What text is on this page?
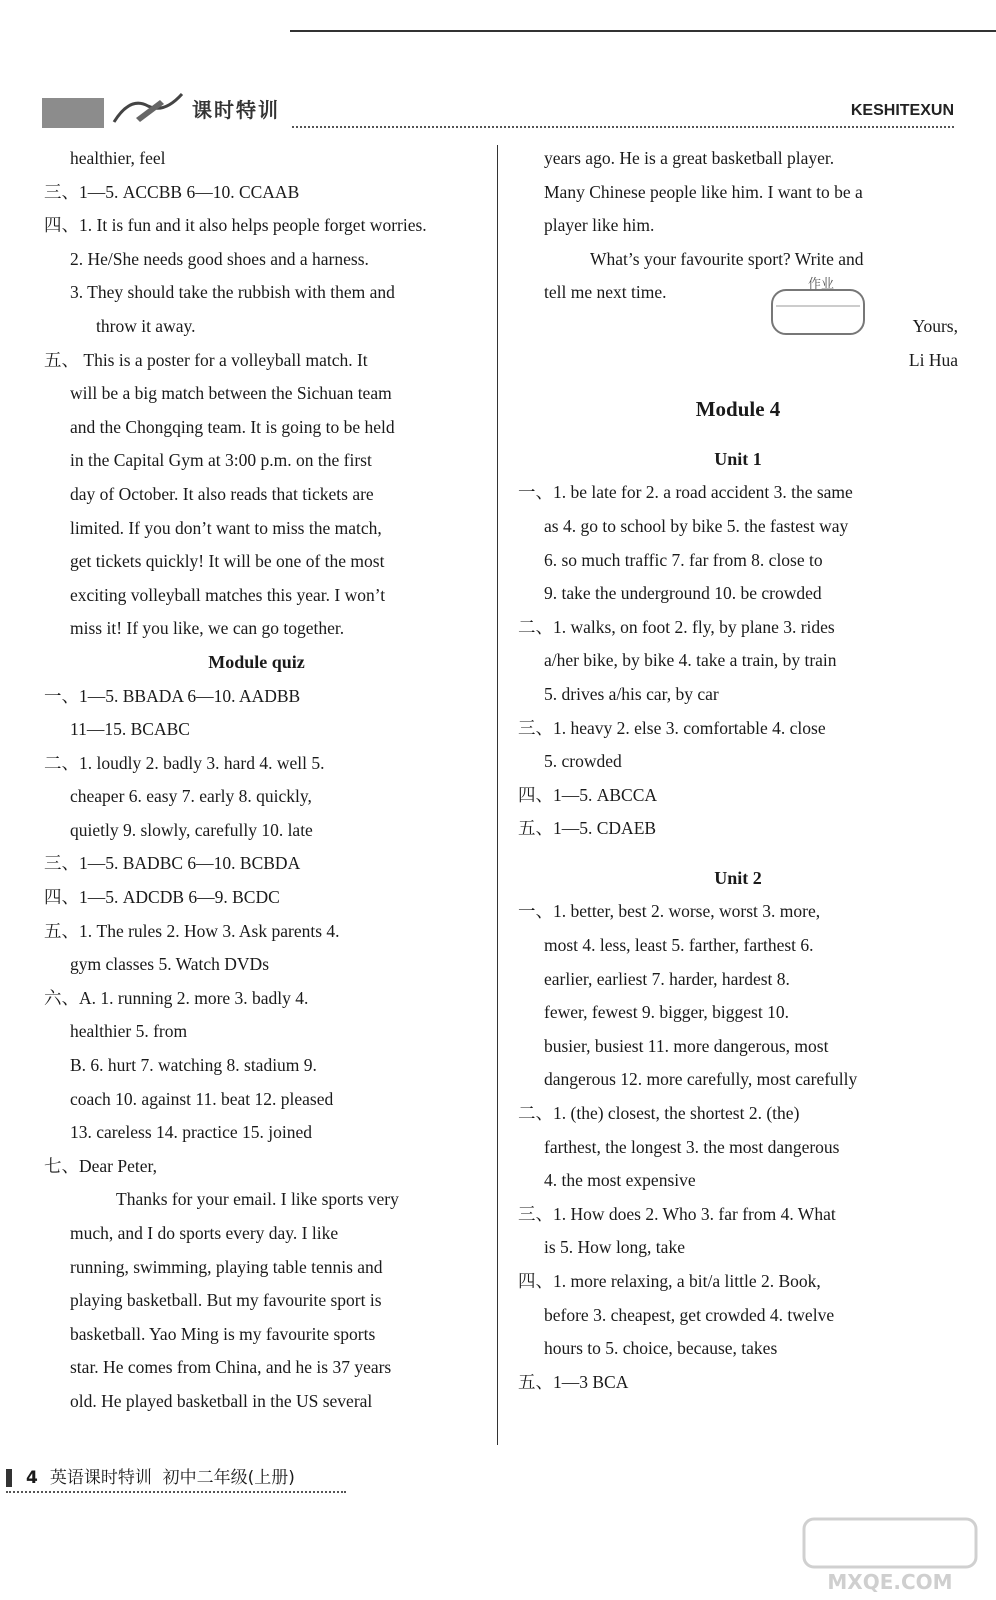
课时特训	KESHITEXUN
healthier, feel
三、1—5. ACCBB 6—10. CCAAB
四、1. It is fun and it also helps people forget worries.
2. He/She needs good shoes and a harness.
3. They should take the rubbish with them and
throw it away.
五、 This is a poster for a volleyball match. It
will be a big match between the Sichuan team
and the Chongqing team. It is going to be held
in the Capital Gym at 3:00 p.m. on the first
day of October. It also reads that tickets are
limited. If you don’t want to miss the match,
get tickets quickly! It will be one of the most
exciting volleyball matches this year. I won’t
miss it! If you like, we can go together.
Module quiz
一、1—5. BBADA 6—10. AADBB
11—15. BCABC
二、1. loudly 2. badly 3. hard 4. well 5.
cheaper 6. easy 7. early 8. quickly,
quietly 9. slowly, carefully 10. late
三、1—5. BADBC 6—10. BCBDA
四、1—5. ADCDB 6—9. BCDC
五、1. The rules 2. How 3. Ask parents 4.
gym classes 5. Watch DVDs
六、A. 1. running 2. more 3. badly 4.
healthier 5. from
B. 6. hurt 7. watching 8. stadium 9.
coach 10. against 11. beat 12. pleased
13. careless 14. practice 15. joined
七、Dear Peter,
Thanks for your email. I like sports very
much, and I do sports every day. I like
running, swimming, playing table tennis and
playing basketball. But my favourite sport is
basketball. Yao Ming is my favourite sports
star. He comes from China, and he is 37 years
old. He played basketball in the US several
years ago. He is a great basketball player.
Many Chinese people like him. I want to be a
player like him.
What’s your favourite sport? Write and
tell me next time.
Yours,
Li Hua
Module 4
Unit 1
一、1. be late for 2. a road accident 3. the same
as 4. go to school by bike 5. the fastest way
6. so much traffic 7. far from 8. close to
9. take the underground 10. be crowded
二、1. walks, on foot 2. fly, by plane 3. rides
a/her bike, by bike 4. take a train, by train
5. drives a/his car, by car
三、1. heavy 2. else 3. comfortable 4. close
5. crowded
四、1—5. ABCCA
五、1—5. CDAEB
Unit 2
一、1. better, best 2. worse, worst 3. more,
most 4. less, least 5. farther, farthest 6.
earlier, earliest 7. harder, hardest 8.
fewer, fewest 9. bigger, biggest 10.
busier, busiest 11. more dangerous, most
dangerous 12. more carefully, most carefully
二、1. (the) closest, the shortest 2. (the)
farthest, the longest 3. the most dangerous
4. the most expensive
三、1. How does 2. Who 3. far from 4. What
is 5. How long, take
四、1. more relaxing, a bit/a little 2. Book,
before 3. cheapest, get crowded 4. twelve
hours to 5. choice, because, takes
五、1—3 BCA
作业
4 英语课时特训 初中二年级(上册)
MXQE.COM
